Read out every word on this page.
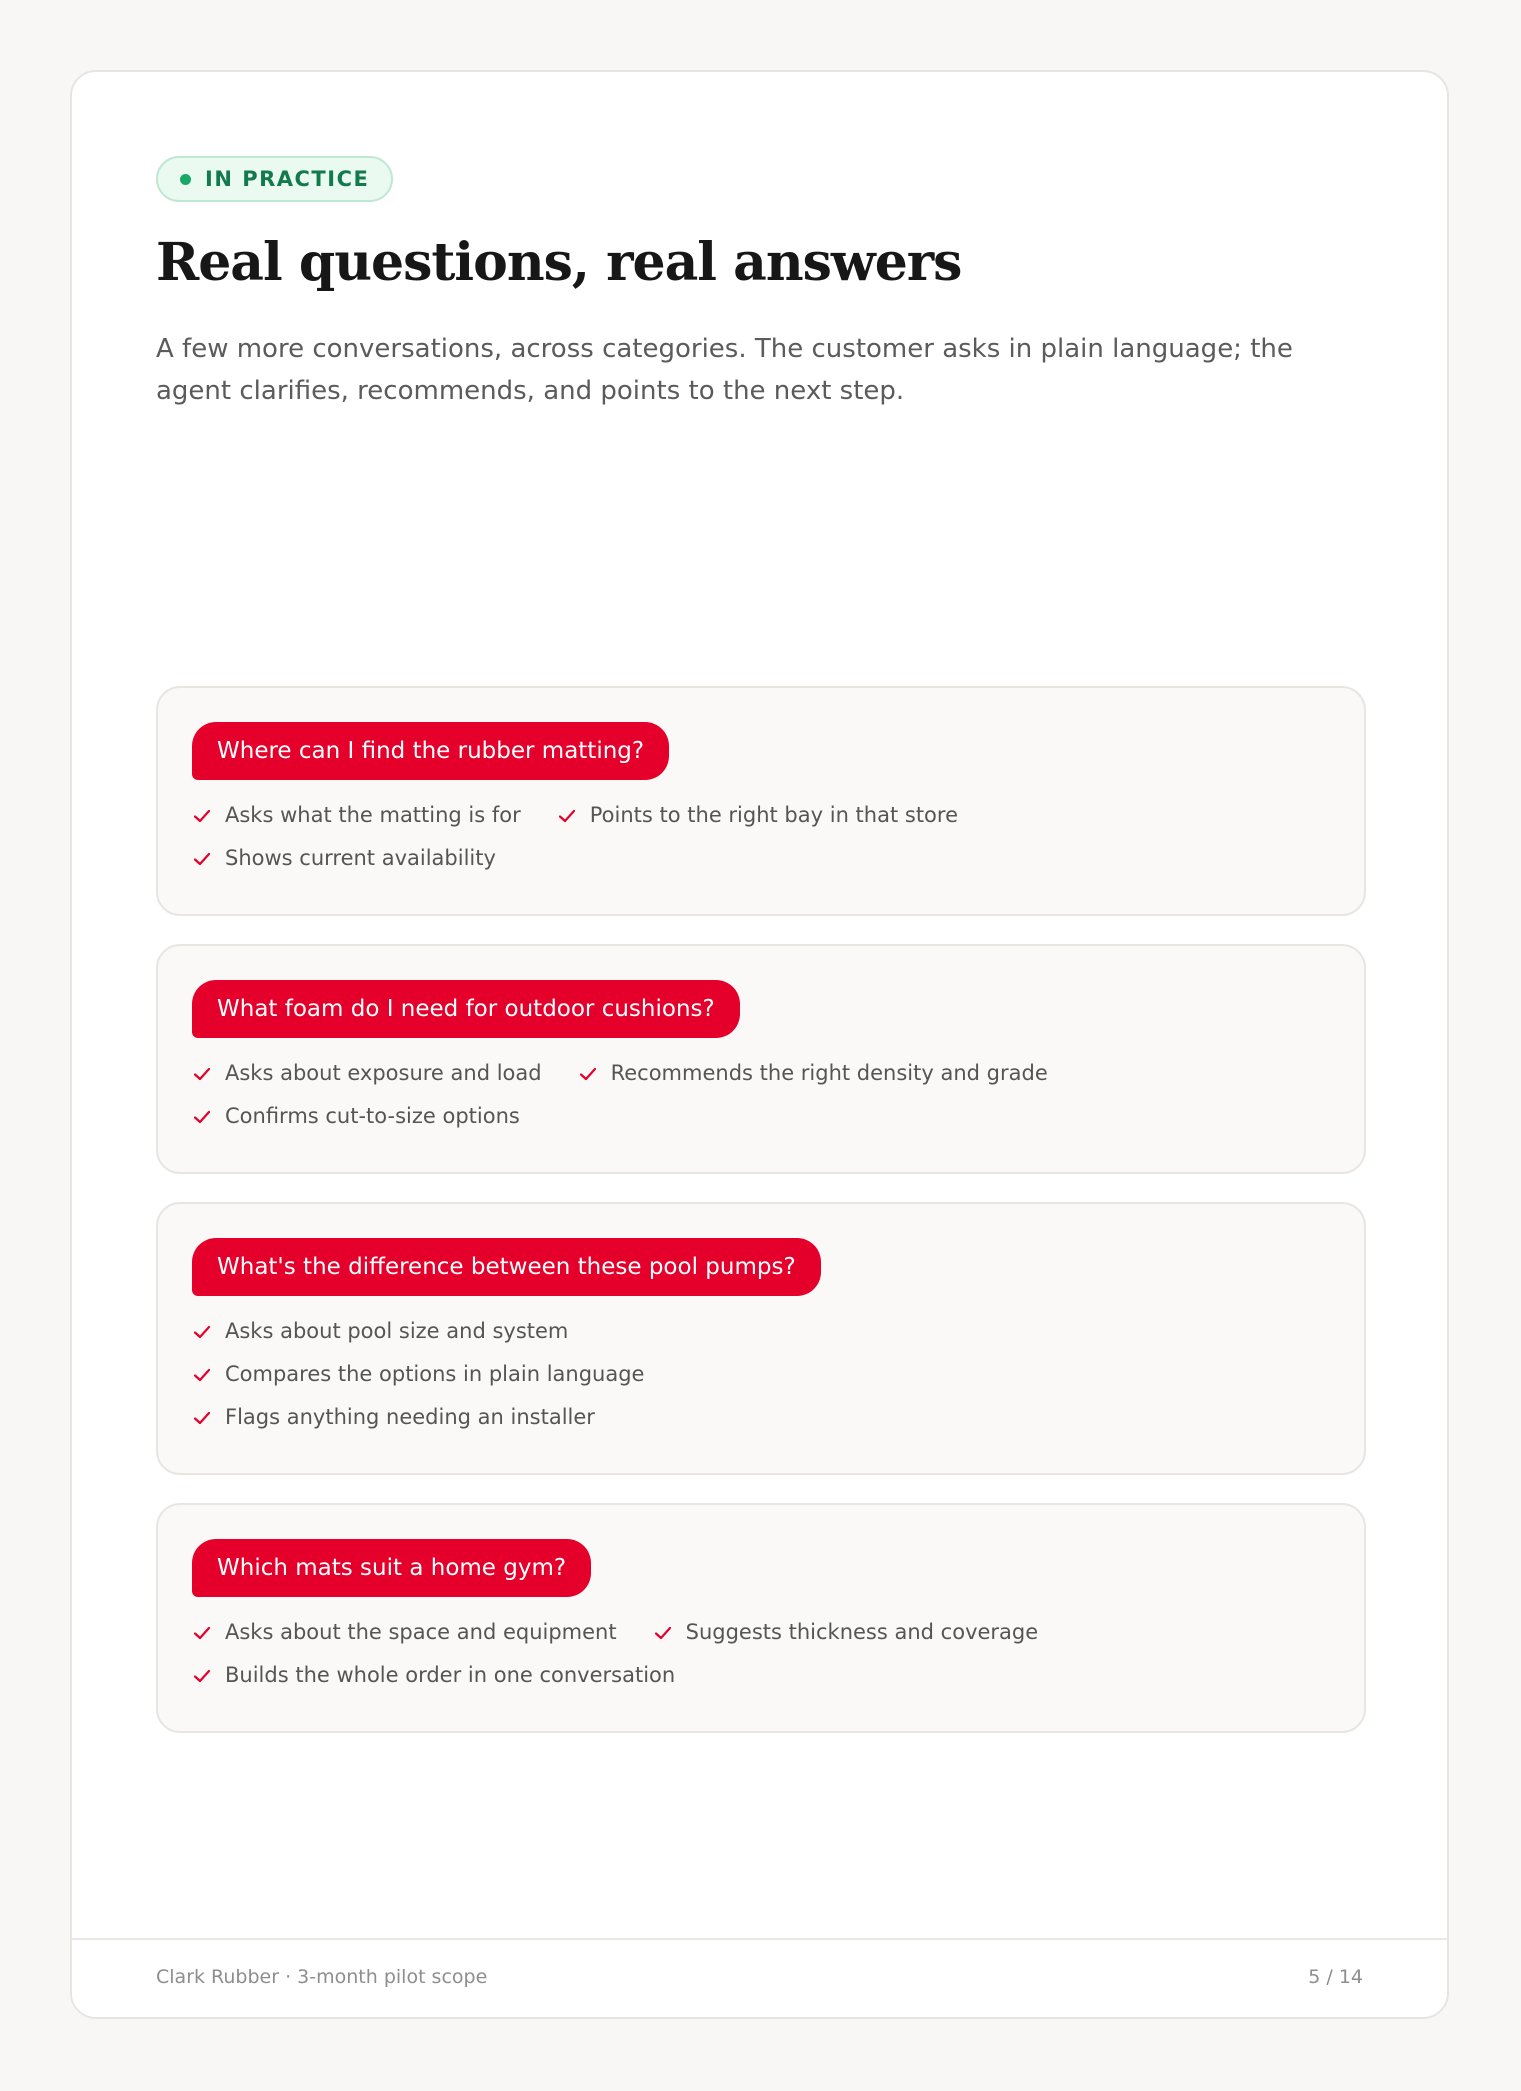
IN PRACTICE
Real questions, real answers

A few more conversations, across categories. The customer asks in plain language; the agent clarifies, recommends, and points to the next step.

Where can I find the rubber matting?
Asks what the matting is for	Points to the right bay in that store
Shows current availability
What foam do I need for outdoor cushions?
Asks about exposure and load	Recommends the right density and grade
Confirms cut-to-size options
What's the difference between these pool pumps?
Asks about pool size and system
Compares the options in plain language
Flags anything needing an installer
Which mats suit a home gym?
Asks about the space and equipment	Suggests thickness and coverage
Builds the whole order in one conversation
Clark Rubber · 3-month pilot scope	5 / 14
